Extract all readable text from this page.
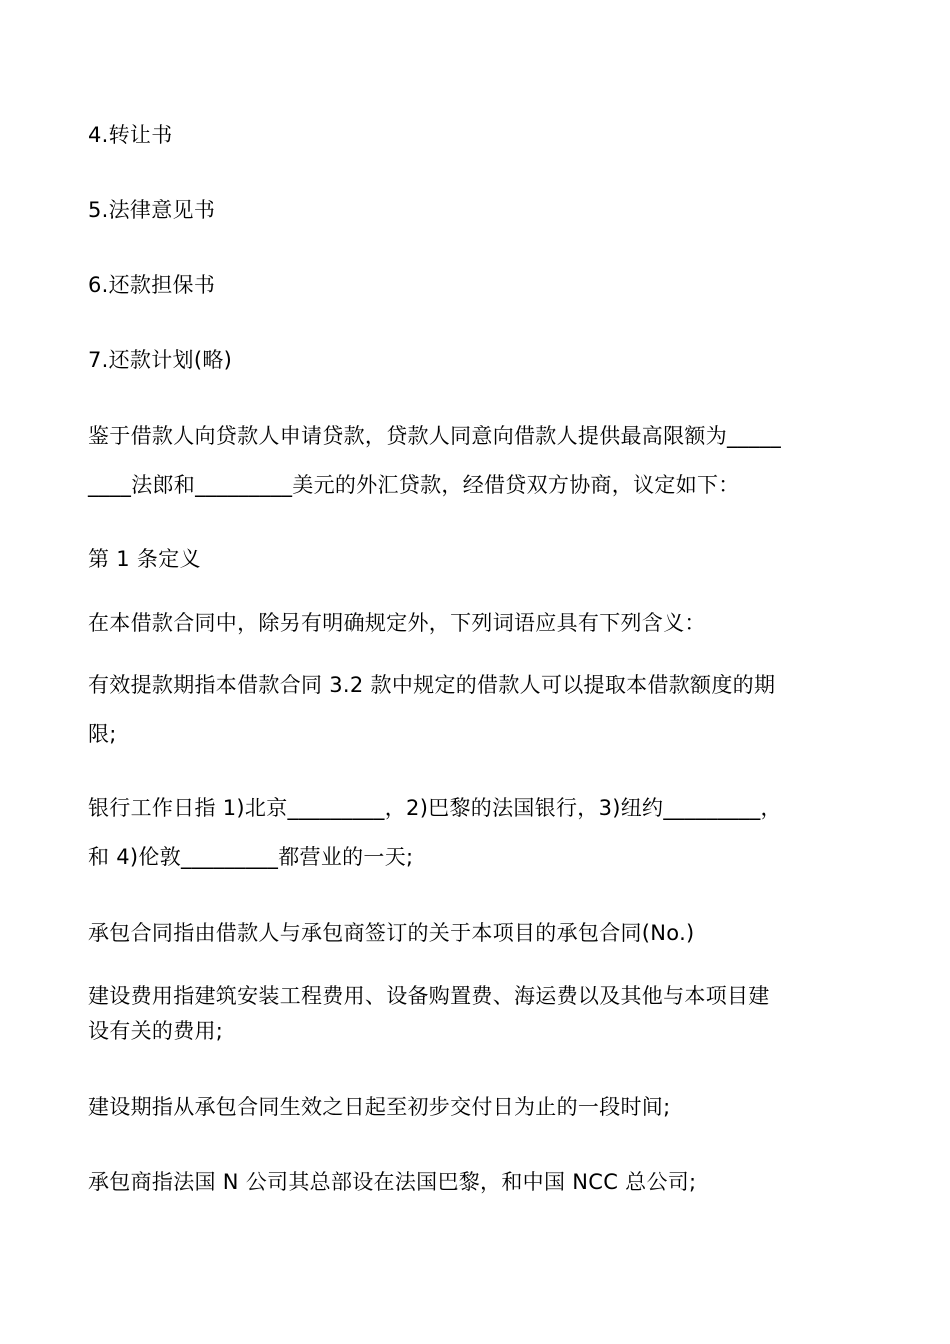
4.转让书
5.法律意见书
6.还款担保书
7.还款计划(略)
鉴于借款人向贷款人申请贷款，贷款人同意向借款人提供最高限额为_____
____法郎和_________美元的外汇贷款，经借贷双方协商，议定如下：
第 1 条定义
在本借款合同中，除另有明确规定外，下列词语应具有下列含义：
有效提款期指本借款合同 3.2 款中规定的借款人可以提取本借款额度的期
限;
银行工作日指 1)北京_________，2)巴黎的法国银行，3)纽约_________，
和 4)伦敦_________都营业的一天;
承包合同指由借款人与承包商签订的关于本项目的承包合同(No.)
建设费用指建筑安装工程费用、设备购置费、海运费以及其他与本项目建
设有关的费用;
建设期指从承包合同生效之日起至初步交付日为止的一段时间;
承包商指法国 N 公司其总部设在法国巴黎，和中国 NCC 总公司;
